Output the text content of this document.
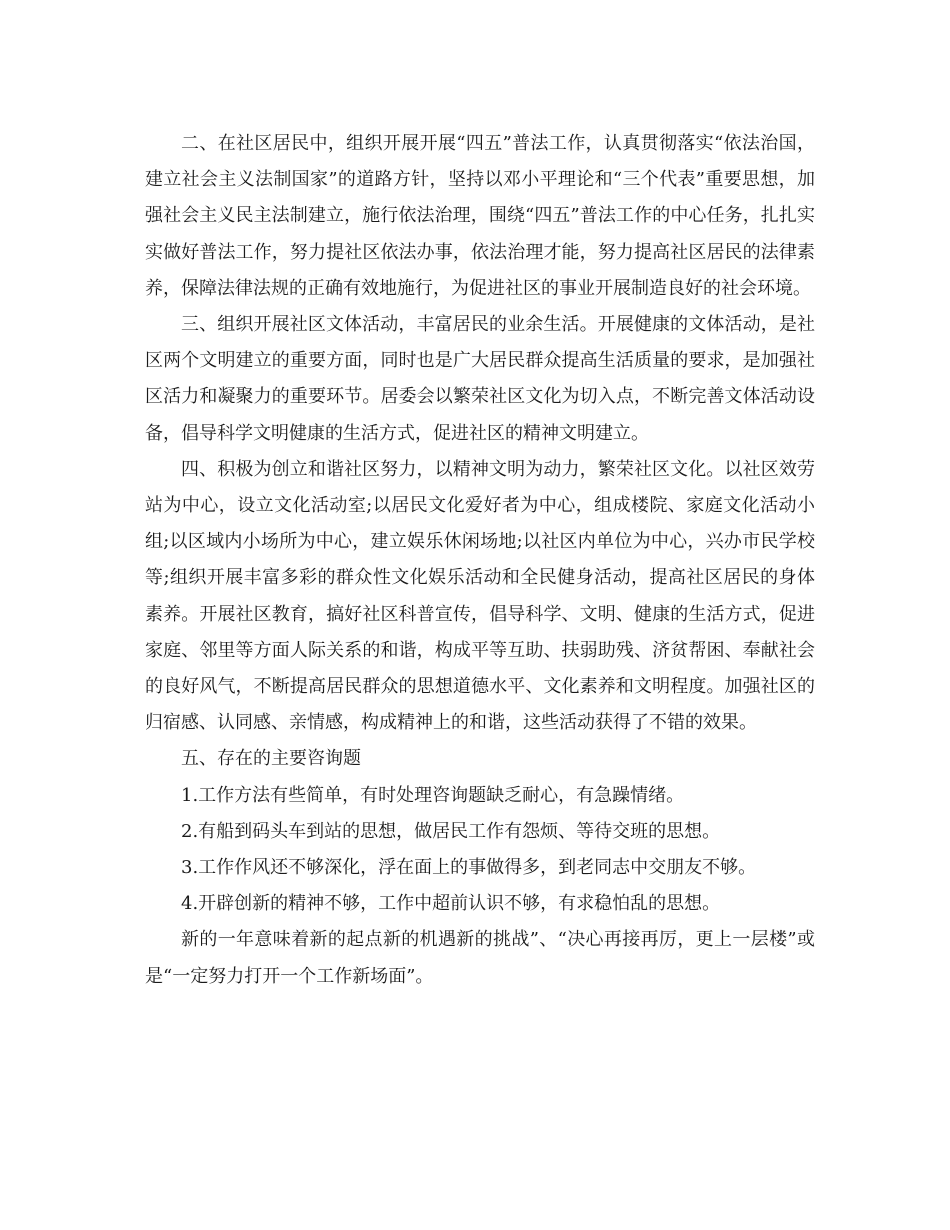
二、在社区居民中，组织开展开展“四五”普法工作，认真贯彻落实“依法治国，建立社会主义法制国家”的道路方针，坚持以邓小平理论和“三个代表”重要思想，加强社会主义民主法制建立，施行依法治理，围绕“四五”普法工作的中心任务，扎扎实实做好普法工作，努力提社区依法办事，依法治理才能，努力提高社区居民的法律素养，保障法律法规的正确有效地施行，为促进社区的事业开展制造良好的社会环境。

三、组织开展社区文体活动，丰富居民的业余生活。开展健康的文体活动，是社区两个文明建立的重要方面，同时也是广大居民群众提高生活质量的要求，是加强社区活力和凝聚力的重要环节。居委会以繁荣社区文化为切入点，不断完善文体活动设备，倡导科学文明健康的生活方式，促进社区的精神文明建立。

四、积极为创立和谐社区努力，以精神文明为动力，繁荣社区文化。以社区效劳站为中心，设立文化活动室;以居民文化爱好者为中心，组成楼院、家庭文化活动小组;以区域内小场所为中心，建立娱乐休闲场地;以社区内单位为中心，兴办市民学校等;组织开展丰富多彩的群众性文化娱乐活动和全民健身活动，提高社区居民的身体素养。开展社区教育，搞好社区科普宣传，倡导科学、文明、健康的生活方式，促进家庭、邻里等方面人际关系的和谐，构成平等互助、扶弱助残、济贫帮困、奉献社会的良好风气，不断提高居民群众的思想道德水平、文化素养和文明程度。加强社区的归宿感、认同感、亲情感，构成精神上的和谐，这些活动获得了不错的效果。

五、存在的主要咨询题

1.工作方法有些简单，有时处理咨询题缺乏耐心，有急躁情绪。

2.有船到码头车到站的思想，做居民工作有怨烦、等待交班的思想。

3.工作作风还不够深化，浮在面上的事做得多，到老同志中交朋友不够。

4.开辟创新的精神不够，工作中超前认识不够，有求稳怕乱的思想。

新的一年意味着新的起点新的机遇新的挑战”、“决心再接再厉，更上一层楼”或是“一定努力打开一个工作新场面”。
